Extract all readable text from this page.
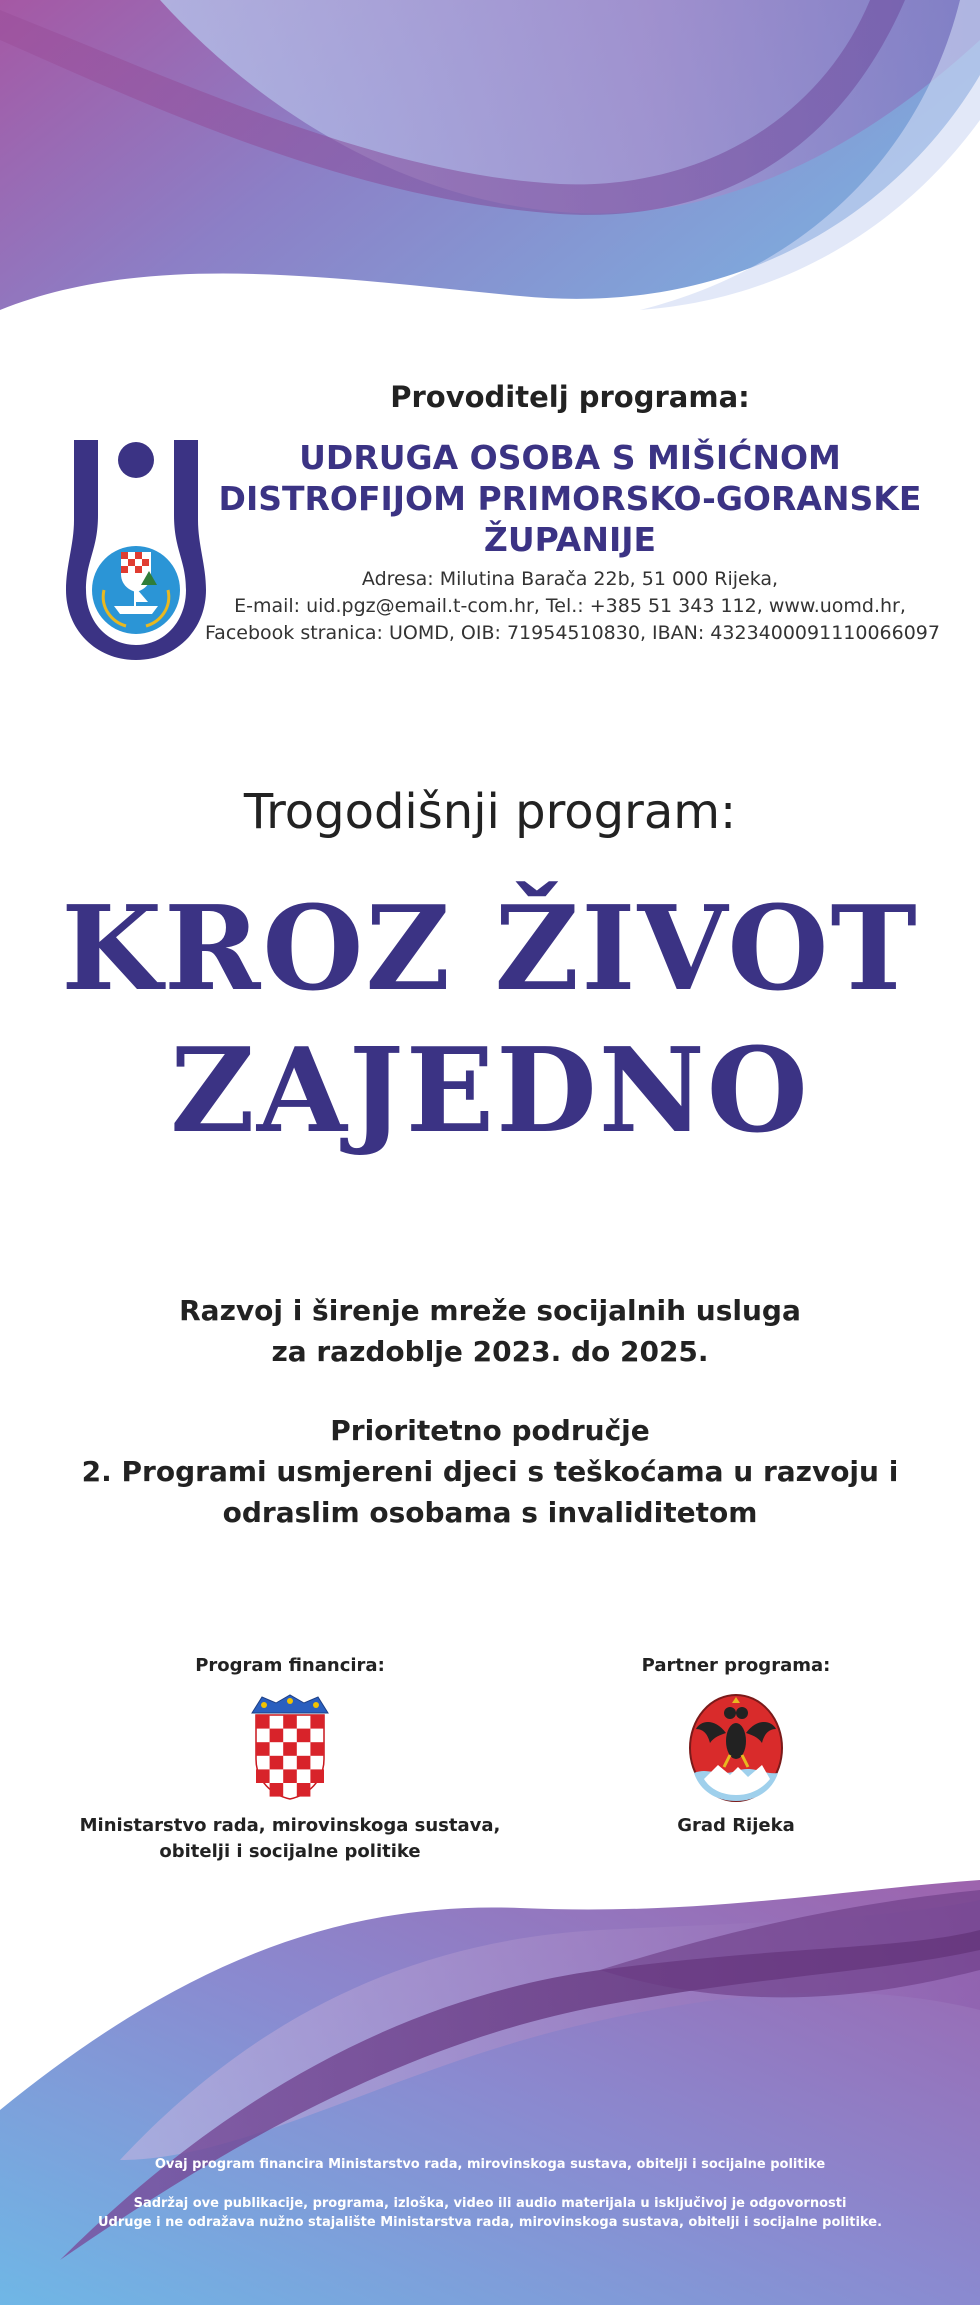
Provoditelj programa:
UDRUGA OSOBA S MIŠIĆNOM
DISTROFIJOM PRIMORSKO-GORANSKE
ŽUPANIJE
Adresa: Milutina Barača 22b, 51 000 Rijeka,
E-mail: uid.pgz@email.t-com.hr, Tel.: +385 51 343 112, www.uomd.hr,
Facebook stranica: UOMD, OIB: 71954510830, IBAN: 4323400091110066097
Trogodišnji program:
KROZ ŽIVOT
ZAJEDNO
Razvoj i širenje mreže socijalnih usluga
za razdoblje 2023. do 2025.
Prioritetno područje
2. Programi usmjereni djeci s teškoćama u razvoju i
odraslim osobama s invaliditetom
Program financira:
Ministarstvo rada, mirovinskoga sustava,
obitelji i socijalne politike
Partner programa:
Grad Rijeka
Ovaj program financira Ministarstvo rada, mirovinskoga sustava, obitelji i socijalne politike
Sadržaj ove publikacije, programa, izloška, video ili audio materijala u isključivoj je odgovornosti
Udruge i ne odražava nužno stajalište Ministarstva rada, mirovinskoga sustava, obitelji i socijalne politike.
